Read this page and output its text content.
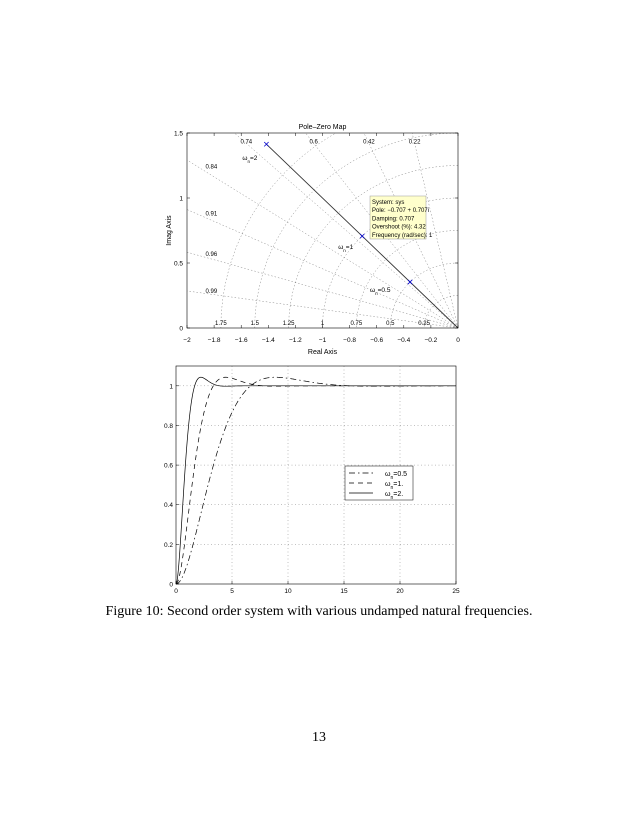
−2	−1.8 −1.6 −1.4 −1.2	−1	−0.8 −0.6 −0.4 −0.2	0
0
0.5
1
1.5
Pole–Zero Map
Real Axis
Imag Axis
0.84
0.91
0.96
0.99
0.74	0.6	0.42	0.22
1.75	1.5	1.25	1	0.75	0.5	0.25
$\omega_n=2$
$\omega_n=1$
$\omega_n=0.5$
System: sys
Pole: −0.707 + 0.707i
Damping: 0.707
Overshoot (%): 4.32
Frequency (rad/sec): 1
0	5	10	15	20	25
0
0.2
0.4
0.6
0.8
1
$\omega_n=0.5$
$\omega_n=1$.
$\omega_n=2$.
Figure 10: Second order system with various undamped natural frequencies.
13
